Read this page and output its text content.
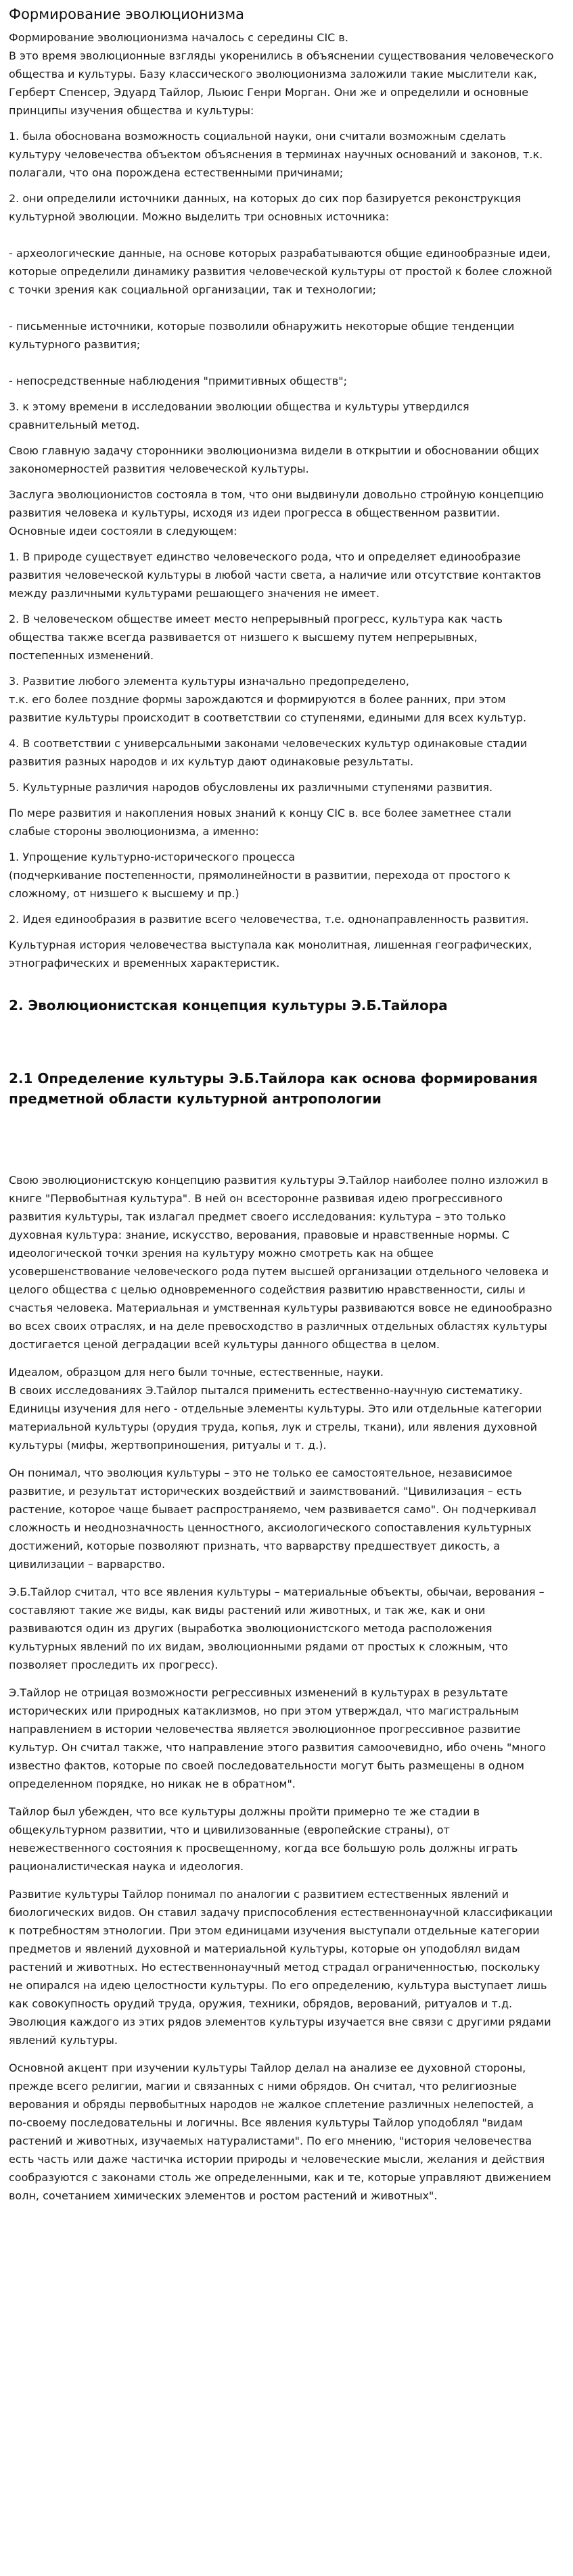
Формирование эволюционизма

Формирование эволюционизма началось с середины CIC в.
В это время эволюционные взгляды укоренились в объяснении существования человеческого общества и культуры. Базу классического эволюционизма заложили такие мыслители как, Герберт Спенсер, Эдуард Тайлор, Льюис Генри Морган. Они же и определили и основные принципы изучения общества и культуры:

1. была обоснована возможность социальной науки, они считали возможным сделать культуру человечества объектом объяснения в терминах научных оснований и законов, т.к. полагали, что она порождена естественными причинами;

2. они определили источники данных, на которых до сих пор базируется реконструкция культурной эволюции. Можно выделить три основных источника:

- археологические данные, на основе которых разрабатываются общие единообразные идеи, которые определили динамику развития человеческой культуры от простой к более сложной с точки зрения как социальной организации, так и технологии;

- письменные источники, которые позволили обнаружить некоторые общие тенденции культурного развития;

- непосредственные наблюдения "примитивных обществ";

3. к этому времени в исследовании эволюции общества и культуры утвердился сравнительный метод.

Свою главную задачу сторонники эволюционизма видели в открытии и обосновании общих закономерностей развития человеческой культуры.

Заслуга эволюционистов состояла в том, что они выдвинули довольно стройную концепцию развития человека и культуры, исходя из идеи прогресса в общественном развитии. Основные идеи состояли в следующем:

1. В природе существует единство человеческого рода, что и определяет единообразие развития человеческой культуры в любой части света, а наличие или отсутствие контактов между различными культурами решающего значения не имеет.

2. В человеческом обществе имеет место непрерывный прогресс, культура как часть общества также всегда развивается от низшего к высшему путем непрерывных, постепенных изменений.

3. Развитие любого элемента культуры изначально предопределено,
т.к. его более поздние формы зарождаются и формируются в более ранних, при этом развитие культуры происходит в соответствии со ступенями, едиными для всех культур.

4. В соответствии с универсальными законами человеческих культур одинаковые стадии развития разных народов и их культур дают одинаковые результаты.

5. Культурные различия народов обусловлены их различными ступенями развития.

По мере развития и накопления новых знаний к концу CIC в. все более заметнее стали слабые стороны эволюционизма, а именно:

1. Упрощение культурно-исторического процесса
(подчеркивание постепенности, прямолинейности в развитии, перехода от простого к сложному, от низшего к высшему и пр.)

2. Идея единообразия в развитие всего человечества, т.е. однонаправленность развития.

Культурная история человечества выступала как монолитная, лишенная географических, этнографических и временных характеристик.

2. Эволюционистская концепция культуры Э.Б.Тайлора
2.1 Определение культуры Э.Б.Тайлора как основа формирования предметной области культурной антропологии

Свою эволюционистскую концепцию развития культуры Э.Тайлор наиболее полно изложил в книге "Первобытная культура". В ней он всесторонне развивая идею прогрессивного развития культуры, так излагал предмет своего исследования: культура – это только духовная культура: знание, искусство, верования, правовые и нравственные нормы. С идеологической точки зрения на культуру можно смотреть как на общее усовершенствование человеческого рода путем высшей организации отдельного человека и целого общества с целью одновременного содействия развитию нравственности, силы и счастья человека. Материальная и умственная культуры развиваются вовсе не единообразно во всех своих отраслях, и на деле превосходство в различных отдельных областях культуры достигается ценой деградации всей культуры данного общества в целом.

Идеалом, образцом для него были точные, естественные, науки.
В своих исследованиях Э.Тайлор пытался применить естественно-научную систематику. Единицы изучения для него - отдельные элементы культуры. Это или отдельные категории материальной культуры (орудия труда, копья, лук и стрелы, ткани), или явления духовной культуры (мифы, жертвоприношения, ритуалы и т. д.).

Он понимал, что эволюция культуры – это не только ее самостоятельное, независимое развитие, и результат исторических воздействий и заимствований. "Цивилизация – есть растение, которое чаще бывает распространяемо, чем развивается само". Он подчеркивал сложность и неоднозначность ценностного, аксиологического сопоставления культурных достижений, которые позволяют признать, что варварству предшествует дикость, а цивилизации – варварство.

Э.Б.Тайлор считал, что все явления культуры – материальные объекты, обычаи, верования – составляют такие же виды, как виды растений или животных, и так же, как и они развиваются один из других (выработка эволюционистского метода расположения культурных явлений по их видам, эволюционными рядами от простых к сложным, что позволяет проследить их прогресс).

Э.Тайлор не отрицая возможности регрессивных изменений в культурах в результате исторических или природных катаклизмов, но при этом утверждал, что магистральным направлением в истории человечества является эволюционное прогрессивное развитие культур. Он считал также, что направление этого развития самоочевидно, ибо очень "много известно фактов, которые по своей последовательности могут быть размещены в одном определенном порядке, но никак не в обратном".

Тайлор был убежден, что все культуры должны пройти примерно те же стадии в общекультурном развитии, что и цивилизованные (европейские страны), от невежественного состояния к просвещенному, когда все большую роль должны играть рационалистическая наука и идеология.

Развитие культуры Тайлор понимал по аналогии с развитием естественных явлений и биологических видов. Он ставил задачу приспособления естественнонаучной классификации к потребностям этнологии. При этом единицами изучения выступали отдельные категории предметов и явлений духовной и материальной культуры, которые он уподоблял видам растений и животных. Но естественнонаучный метод страдал ограниченностью, поскольку не опирался на идею целостности культуры. По его определению, культура выступает лишь как совокупность орудий труда, оружия, техники, обрядов, верований, ритуалов и т.д. Эволюция каждого из этих рядов элементов культуры изучается вне связи с другими рядами явлений культуры.

Основной акцент при изучении культуры Тайлор делал на анализе ее духовной стороны, прежде всего религии, магии и связанных с ними обрядов. Он считал, что религиозные верования и обряды первобытных народов не жалкое сплетение различных нелепостей, а по-своему последовательны и логичны. Все явления культуры Тайлор уподоблял "видам растений и животных, изучаемых натуралистами". По его мнению, "история человечества есть часть или даже частичка истории природы и человеческие мысли, желания и действия сообразуются с законами столь же определенными, как и те, которые управляют движением волн, сочетанием химических элементов и ростом растений и животных".
